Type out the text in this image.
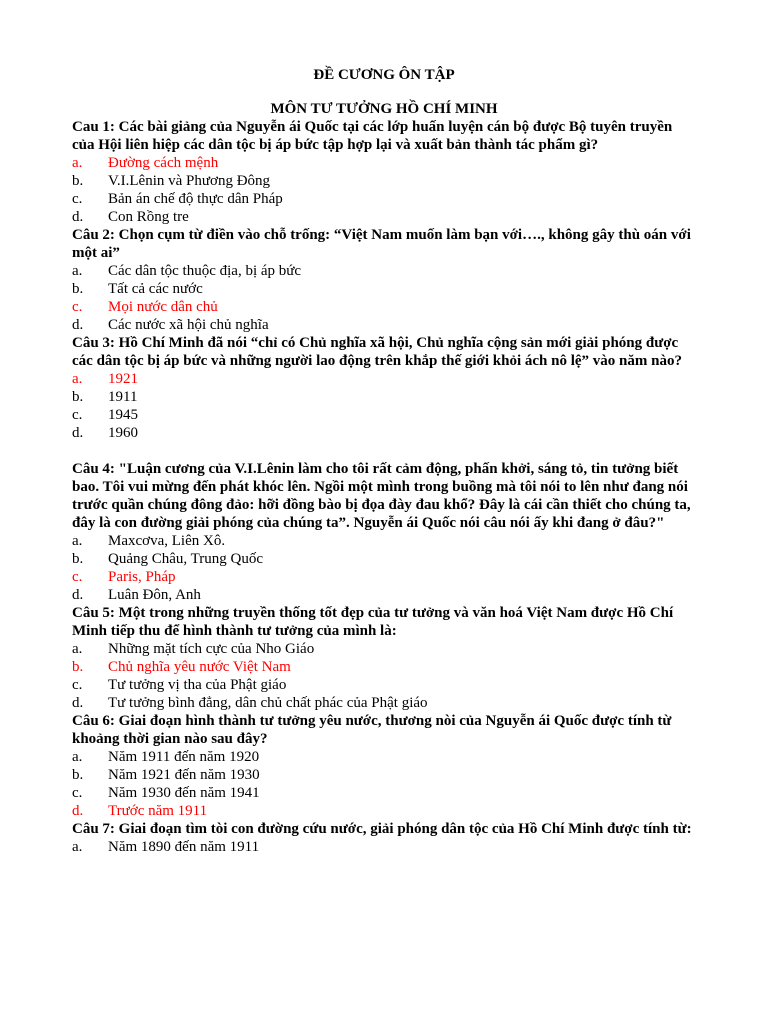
ĐỀ CƯƠNG ÔN TẬP

MÔN TƯ TƯỞNG HỒ CHÍ MINH

Cau 1: Các bài giảng của Nguyễn ái Quốc tại các lớp huấn luyện cán bộ được Bộ tuyên truyền của Hội liên hiệp các dân tộc bị áp bức tập hợp lại và xuất bản thành tác phẩm gì?

a.	Đường cách mệnh
b.	V.I.Lênin và Phương Đông
c.	Bản án chế độ thực dân Pháp
d.	Con Rồng tre

Câu 2: Chọn cụm từ điền vào chỗ trống: “Việt Nam muốn làm bạn với…., không gây thù oán với một ai”

a.	Các dân tộc thuộc địa, bị áp bức
b.	Tất cả các nước
c.	Mọi nước dân chủ
d.	Các nước xã hội chủ nghĩa

Câu 3: Hồ Chí Minh đã nói “chỉ có Chủ nghĩa xã hội, Chủ nghĩa cộng sản mới giải phóng được các dân tộc bị áp bức và những người lao động trên khắp thế giới khỏi ách nô lệ” vào năm nào?

a.	1921
b.	1911
c.	1945
d.	1960

Câu 4: "Luận cương của V.I.Lênin làm cho tôi rất cảm động, phấn khởi, sáng tỏ, tin tưởng biết bao. Tôi vui mừng đến phát khóc lên. Ngồi một mình trong buồng mà tôi nói to lên như đang nói trước quần chúng đông đảo: hỡi đồng bào bị đọa đày đau khổ? Đây là cái cần thiết cho chúng ta, đây là con đường giải phóng của chúng ta”. Nguyễn ái Quốc nói câu nói ấy khi đang ở đâu?"

a.	Maxcơva, Liên Xô.
b.	Quảng Châu, Trung Quốc
c.	Paris, Pháp
d.	Luân Đôn, Anh

Câu 5: Một trong những truyền thống tốt đẹp của tư tưởng và văn hoá Việt Nam được Hồ Chí Minh tiếp thu để hình thành tư tưởng của mình là:

a.	Những mặt tích cực của Nho Giáo
b.	Chủ nghĩa yêu nước Việt Nam
c.	Tư tưởng vị tha của Phật giáo
d.	Tư tưởng bình đẳng, dân chủ chất phác của Phật giáo

Câu 6: Giai đoạn hình thành tư tưởng yêu nước, thương nòi của Nguyễn ái Quốc được tính từ khoảng thời gian nào sau đây?

a.	Năm 1911 đến năm 1920
b.	Năm 1921 đến năm 1930
c.	Năm 1930 đến năm 1941
d.	Trước năm 1911

Câu 7: Giai đoạn tìm tòi con đường cứu nước, giải phóng dân tộc của Hồ Chí Minh được tính từ:

a.	Năm 1890 đến năm 1911
